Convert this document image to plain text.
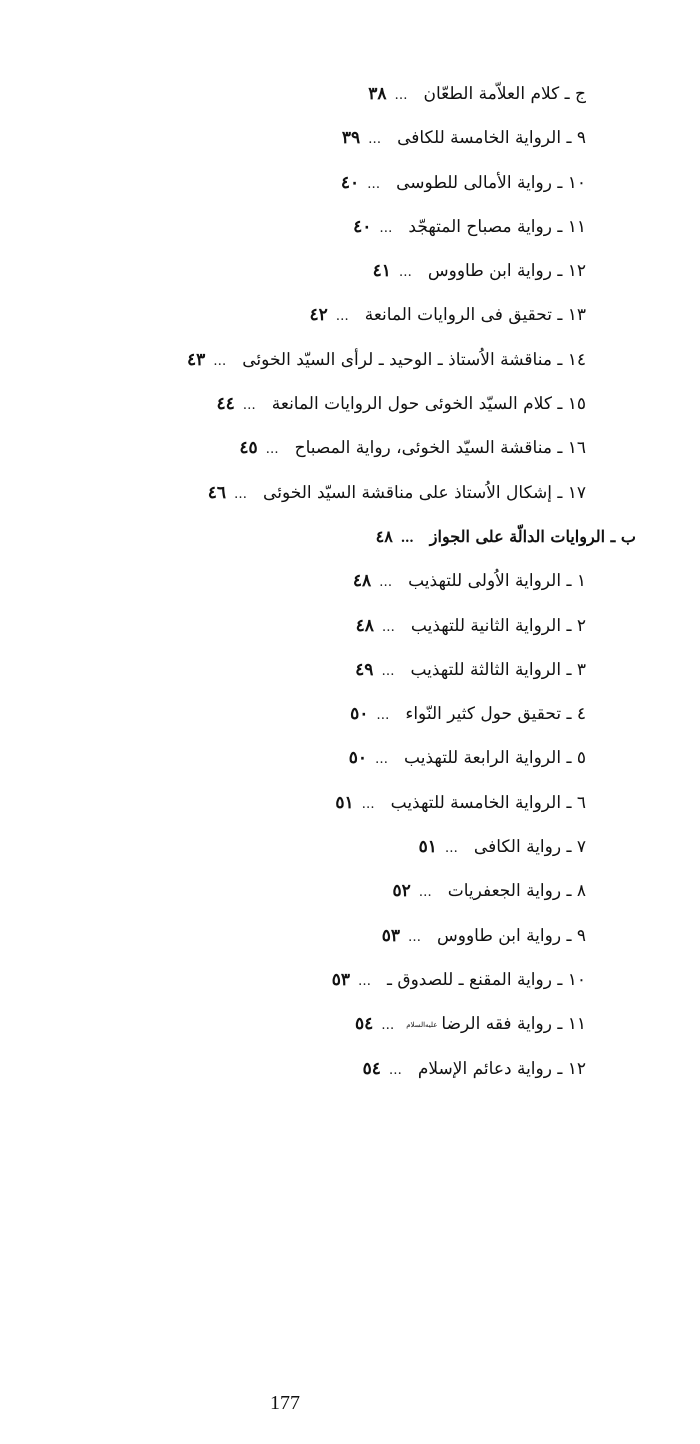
ج ـ كلام العلاّمة الطعّان…٣٨
٩ ـ الرواية الخامسة للكافى…٣٩
١٠ ـ رواية الأمالى للطوسى…٤٠
١١ ـ رواية مصباح المتهجّد…٤٠
١٢ ـ رواية ابن طاووس…٤١
١٣ ـ تحقيق فى الروايات المانعة…٤٢
١٤ ـ مناقشة الاُستاذ ـ الوحيد ـ لرأى السيّد الخوئى…٤٣
١٥ ـ كلام السيّد الخوئى حول الروايات المانعة…٤٤
١٦ ـ مناقشة السيّد الخوئى، رواية المصباح…٤٥
١٧ ـ إشكال الاُستاذ على مناقشة السيّد الخوئى…٤٦
ب ـ الروايات الدالّة على الجواز…٤٨
١ ـ الرواية الاُولى للتهذيب…٤٨
٢ ـ الرواية الثانية للتهذيب…٤٨
٣ ـ الرواية الثالثة للتهذيب…٤٩
٤ ـ تحقيق حول كثير النّواء…٥٠
٥ ـ الرواية الرابعة للتهذيب…٥٠
٦ ـ الرواية الخامسة للتهذيب…٥١
٧ ـ رواية الكافى…٥١
٨ ـ رواية الجعفريات…٥٢
٩ ـ رواية ابن طاووس…٥٣
١٠ ـ رواية المقنع ـ للصدوق ـ…٥٣
١١ ـ رواية فقه الرضاعليه‌السلام…٥٤
١٢ ـ رواية دعائم الإسلام…٥٤
177
